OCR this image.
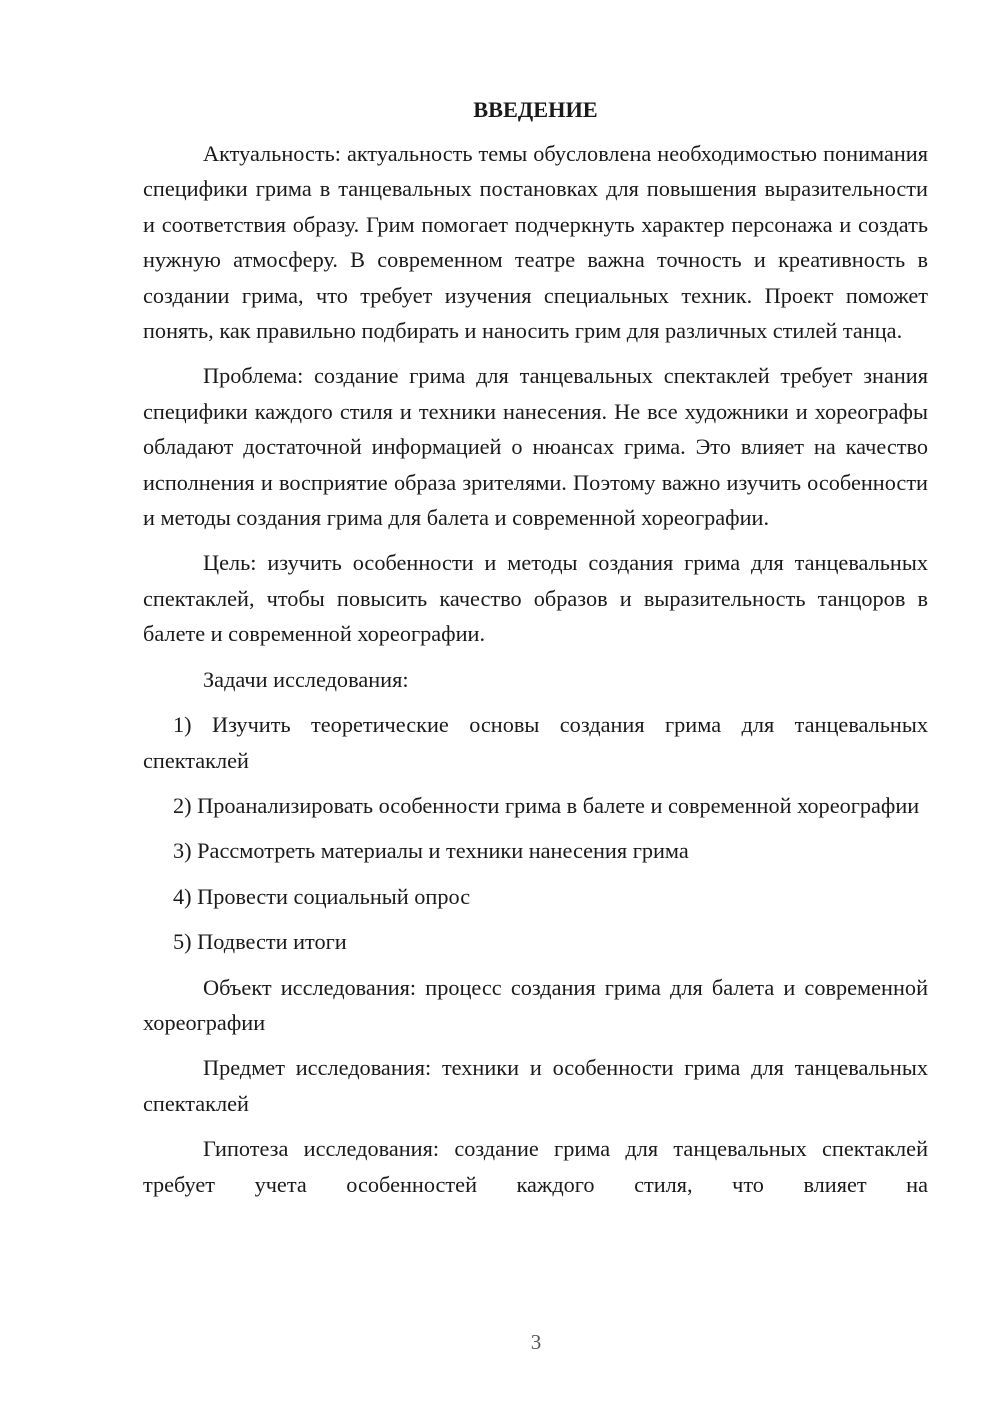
ВВЕДЕНИЕ

Актуальность: актуальность темы обусловлена необходимостью понимания специфики грима в танцевальных постановках для повышения выразительности и соответствия образу. Грим помогает подчеркнуть характер персонажа и создать нужную атмосферу. В современном театре важна точность и креативность в создании грима, что требует изучения специальных техник. Проект поможет понять, как правильно подбирать и наносить грим для различных стилей танца.

Проблема: создание грима для танцевальных спектаклей требует знания специфики каждого стиля и техники нанесения. Не все художники и хореографы обладают достаточной информацией о нюансах грима. Это влияет на качество исполнения и восприятие образа зрителями. Поэтому важно изучить особенности и методы создания грима для балета и современной хореографии.

Цель: изучить особенности и методы создания грима для танцевальных спектаклей, чтобы повысить качество образов и выразительность танцоров в балете и современной хореографии.

Задачи исследования:

1) Изучить теоретические основы создания грима для танцевальных спектаклей

2) Проанализировать особенности грима в балете и современной хореографии

3) Рассмотреть материалы и техники нанесения грима

4) Провести социальный опрос

5) Подвести итоги

Объект исследования: процесс создания грима для балета и современной хореографии

Предмет исследования: техники и особенности грима для танцевальных спектаклей

Гипотеза исследования: создание грима для танцевальных спектаклей требует учета особенностей каждого стиля, что влияет на

3
